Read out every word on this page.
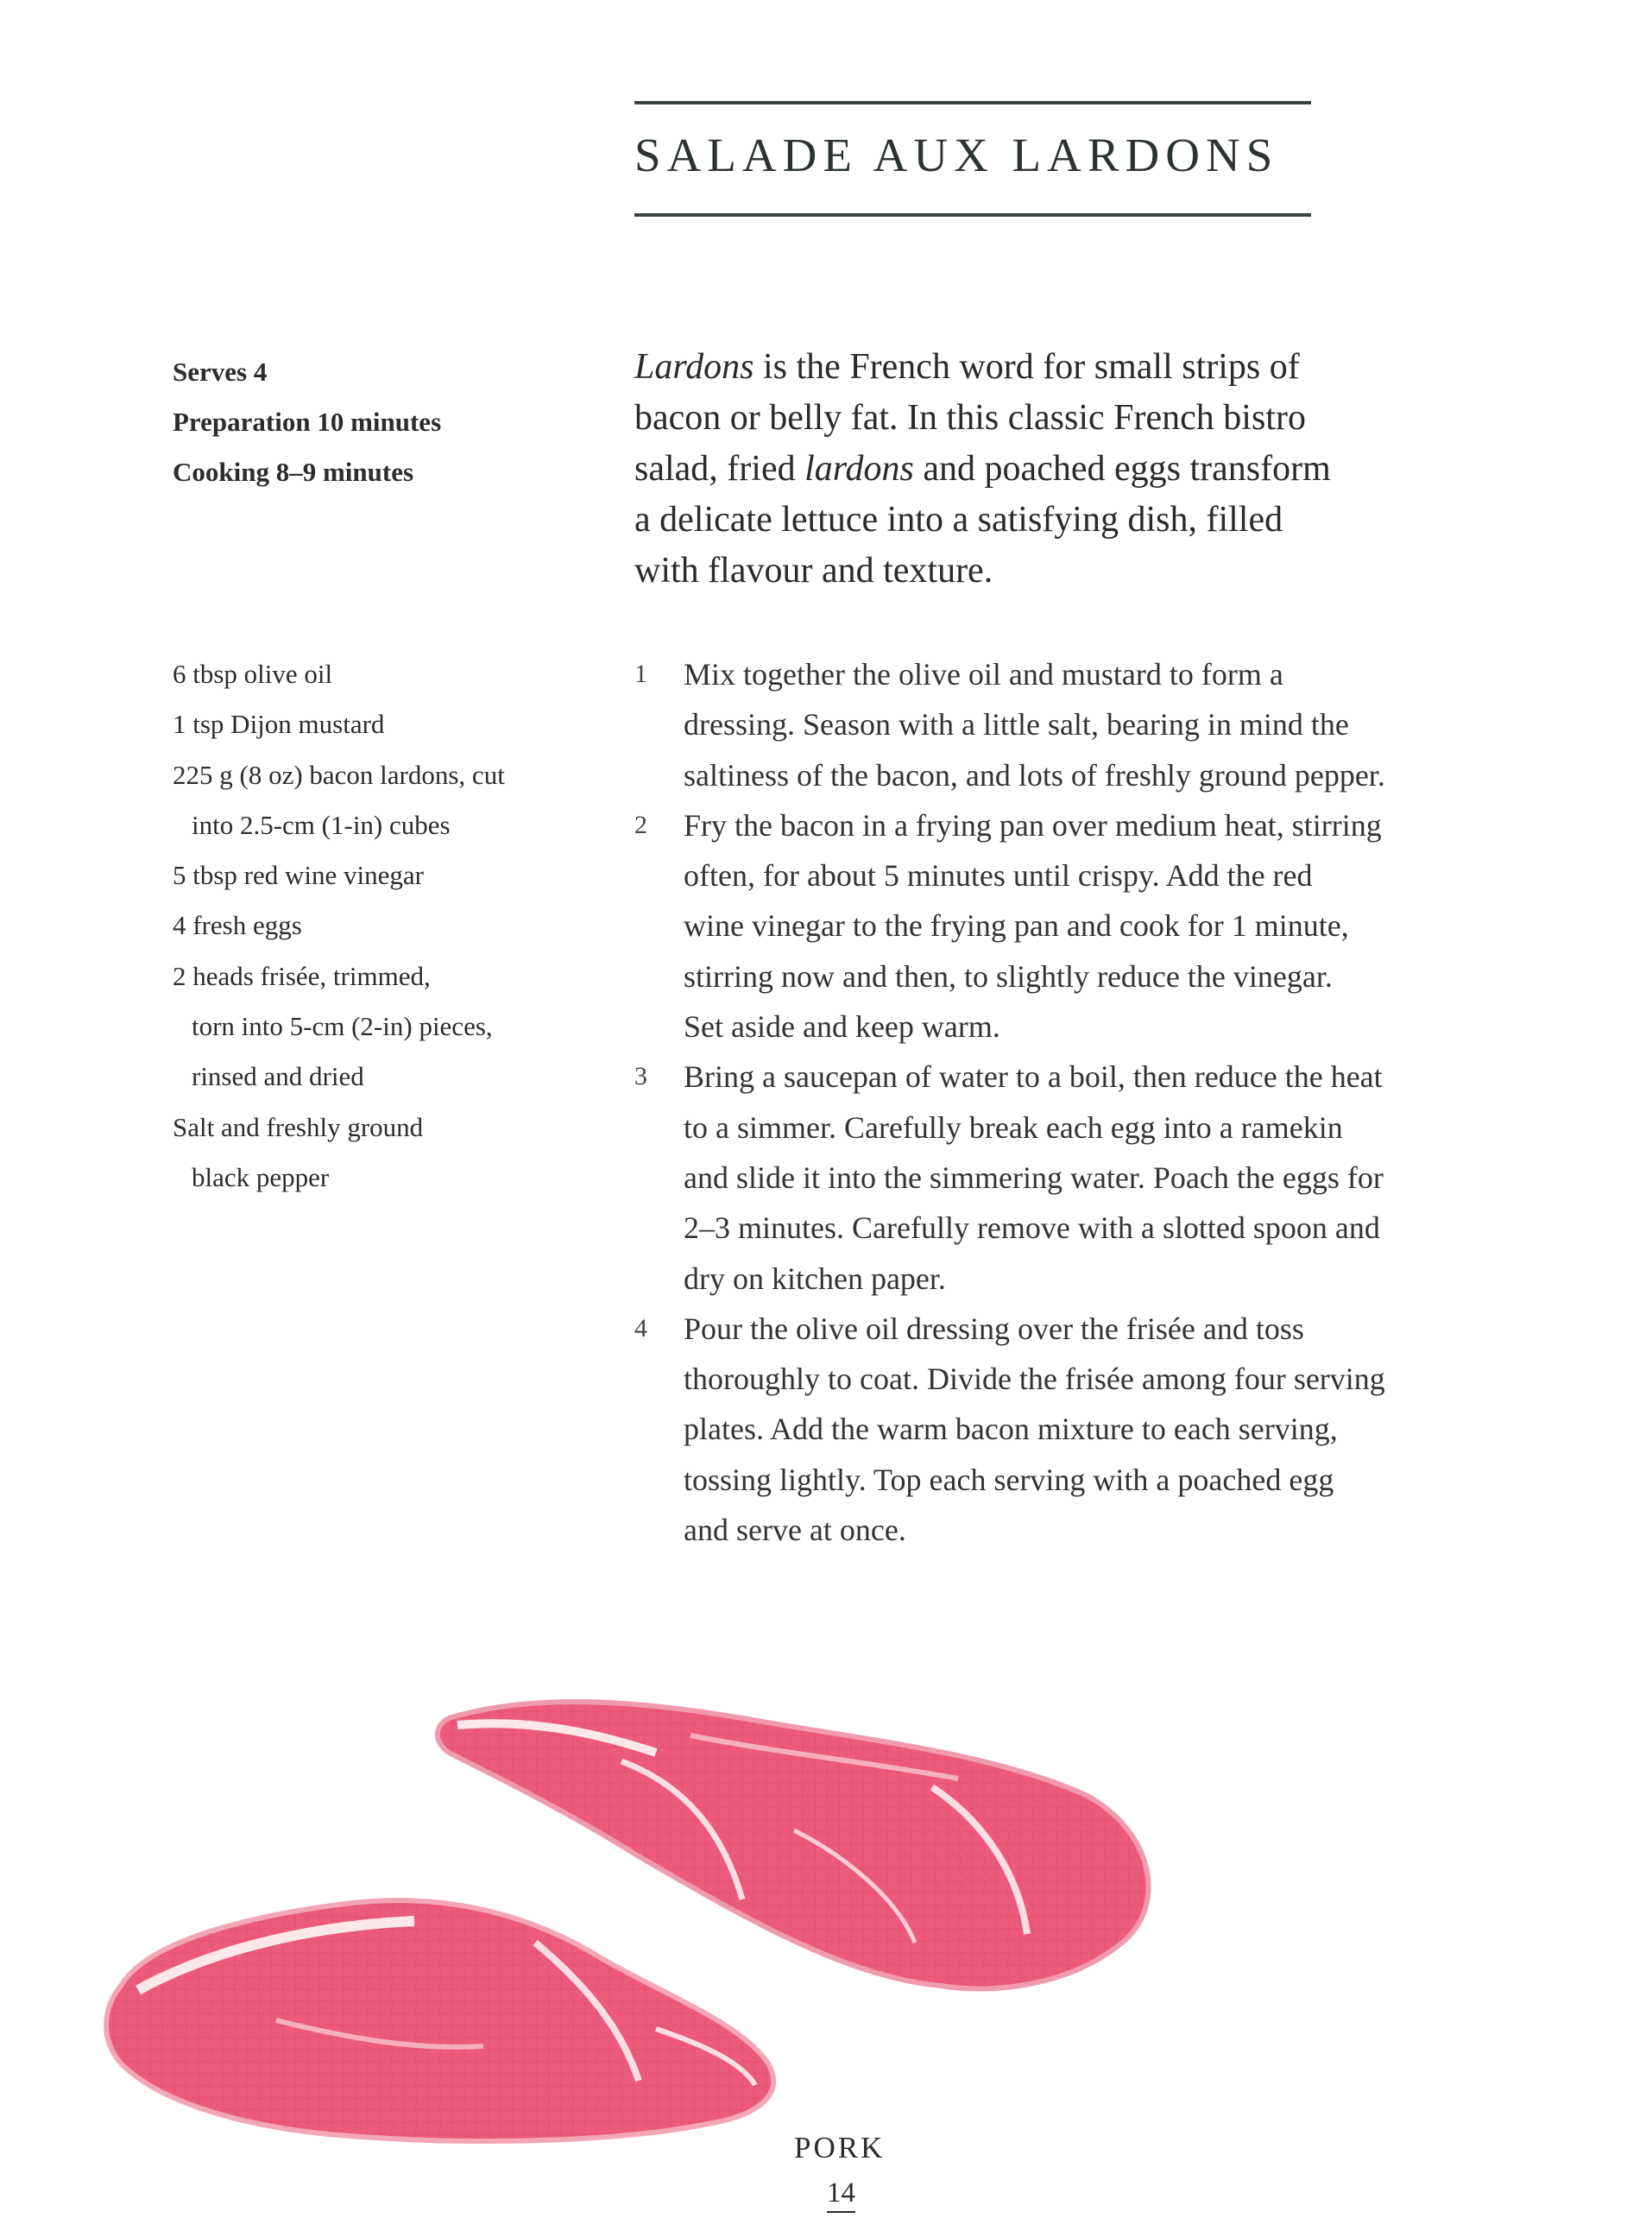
SALADE AUX LARDONS
Serves 4
Preparation 10 minutes
Cooking 8–9 minutes
Lardons is the French word for small strips of
bacon or belly fat. In this classic French bistro
salad, fried lardons and poached eggs transform
a delicate lettuce into a satisfying dish, filled
with flavour and texture.
6 tbsp olive oil
1 tsp Dijon mustard
225 g (8 oz) bacon lardons, cut
into 2.5-cm (1-in) cubes
5 tbsp red wine vinegar
4 fresh eggs
2 heads frisée, trimmed,
torn into 5-cm (2-in) pieces,
rinsed and dried
Salt and freshly ground
black pepper
1 Mix together the olive oil and mustard to form a
dressing. Season with a little salt, bearing in mind the
saltiness of the bacon, and lots of freshly ground pepper.
2 Fry the bacon in a frying pan over medium heat, stirring
often, for about 5 minutes until crispy. Add the red
wine vinegar to the frying pan and cook for 1 minute,
stirring now and then, to slightly reduce the vinegar.
Set aside and keep warm.
3 Bring a saucepan of water to a boil, then reduce the heat
to a simmer. Carefully break each egg into a ramekin
and slide it into the simmering water. Poach the eggs for
2–3 minutes. Carefully remove with a slotted spoon and
dry on kitchen paper.
4 Pour the olive oil dressing over the frisée and toss
thoroughly to coat. Divide the frisée among four serving
plates. Add the warm bacon mixture to each serving,
tossing lightly. Top each serving with a poached egg
and serve at once.
PORK
14
